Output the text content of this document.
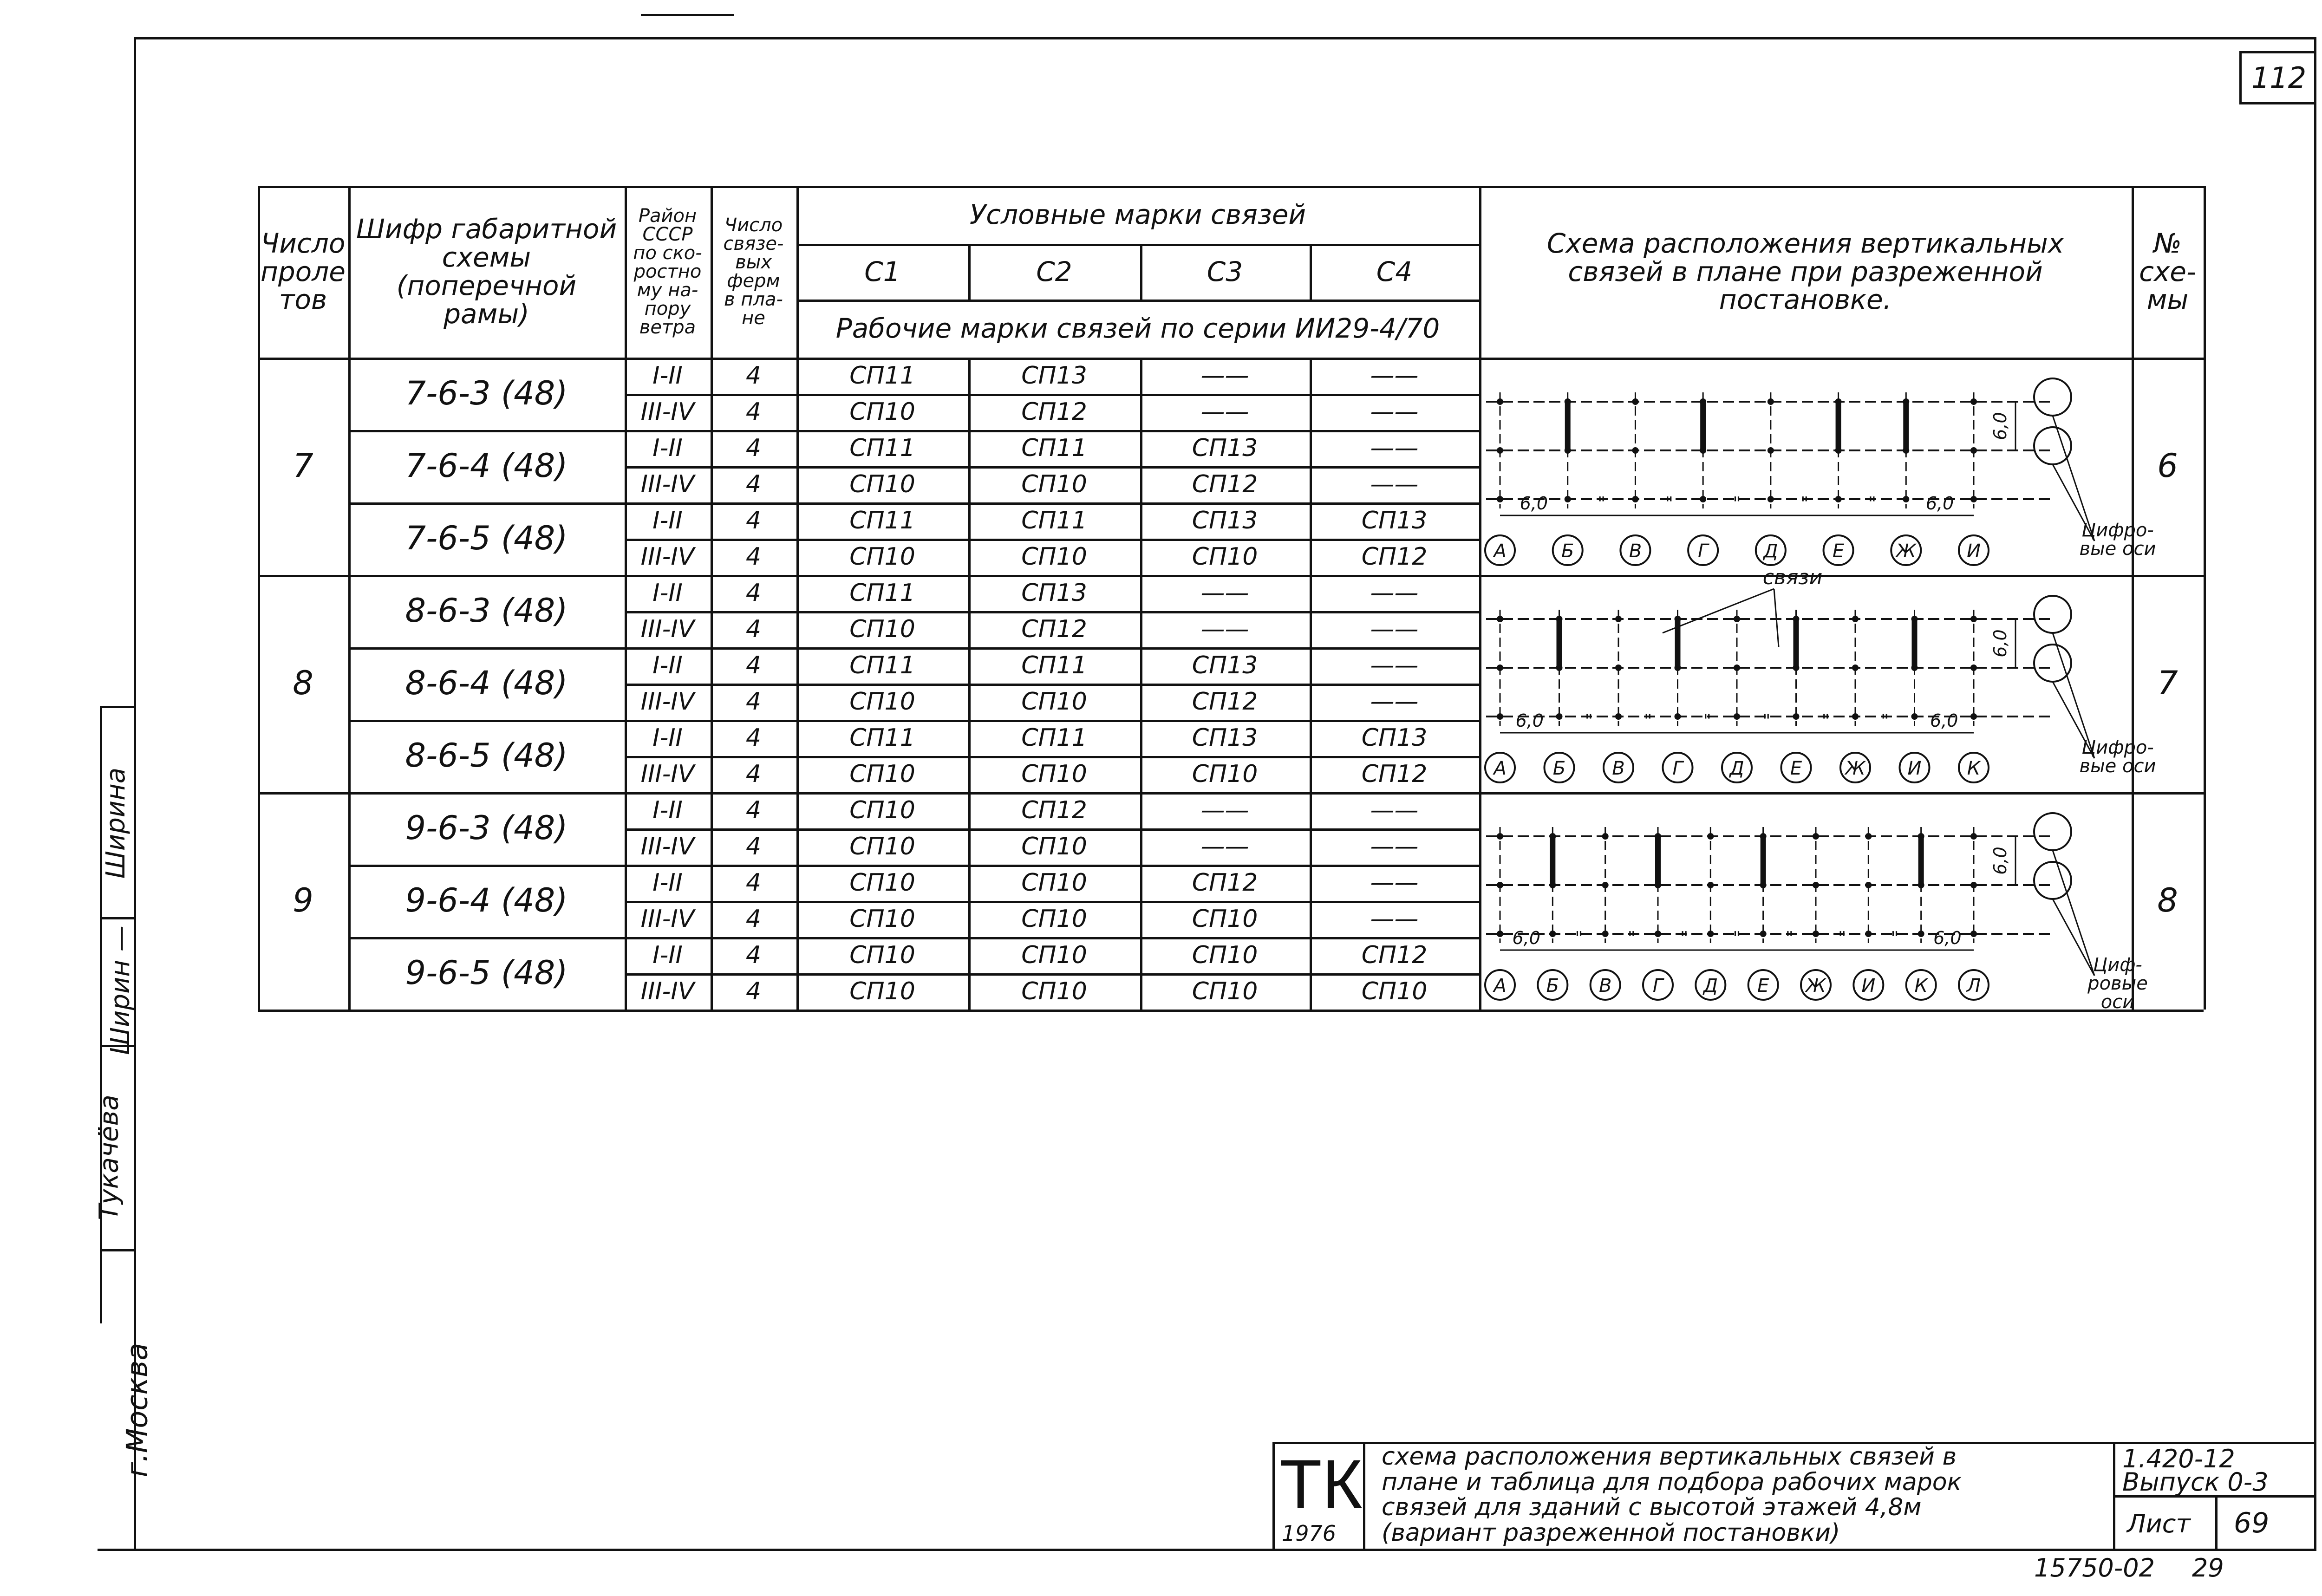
112
Ширина
Ширин —
Тукачёва
г.Москва
Число
проле
тов
Шифр габаритной
схемы (поперечной
рамы)
Район
СССР
по ско-
ростно
му на-
пору
ветра
Число
связе-
вых
ферм
в пла-
не
Условные марки связей
С1	С2	С3	С4
Рабочие марки связей по серии ИИ29-4/70
Схема расположения вертикальных
связей в плане при разреженной
постановке.
№
схе-
мы
7	6
7-6-3 (48)	I-II	4	СП11	СП13	——	——
III-IV	4	СП10	СП12	——	——
7-6-4 (48)	I-II	4	СП11	СП11	СП13	——
III-IV	4	СП10	СП10	СП12	——
7-6-5 (48)	I-II	4	СП11	СП11	СП13	СП13
III-IV	4	СП10	СП10	СП10	СП12
8	7
8-6-3 (48)	I-II	4	СП11	СП13	——	——
III-IV	4	СП10	СП12	——	——
8-6-4 (48)	I-II	4	СП11	СП11	СП13	——
III-IV	4	СП10	СП10	СП12	——
8-6-5 (48)	I-II	4	СП11	СП11	СП13	СП13
III-IV	4	СП10	СП10	СП10	СП12
9	8
9-6-3 (48)	I-II	4	СП10	СП12	——	——
III-IV	4	СП10	СП10	——	——
9-6-4 (48)	I-II	4	СП10	СП10	СП12	——
III-IV	4	СП10	СП10	СП10	——
9-6-5 (48)	I-II	4	СП10	СП10	СП10	СП12
III-IV	4	СП10	СП10	СП10	СП10
А	Б	В	Г	Д	Е	Ж	И
6,0	"	"	"	"	"	6,0
6,0
Цифро-
вые оси
А	Б	В	Г	Д Е Ж И К
6,0 "	"	"	"	"	" 6,0
6,0
Цифро-
вые оси
связи
А Б В Г Д Е Ж И К Л
6,0 "	"	"	"	"	"	" 6,0
6,0
Циф-
ровые
оси
ТК
1976
схема расположения вертикальных связей в
плане и таблица для подбора рабочих марок
связей для зданий с высотой этажей 4,8м
(вариант разреженной постановки)
1.420-12
Выпуск 0-3
Лист 69
15750-02 29
